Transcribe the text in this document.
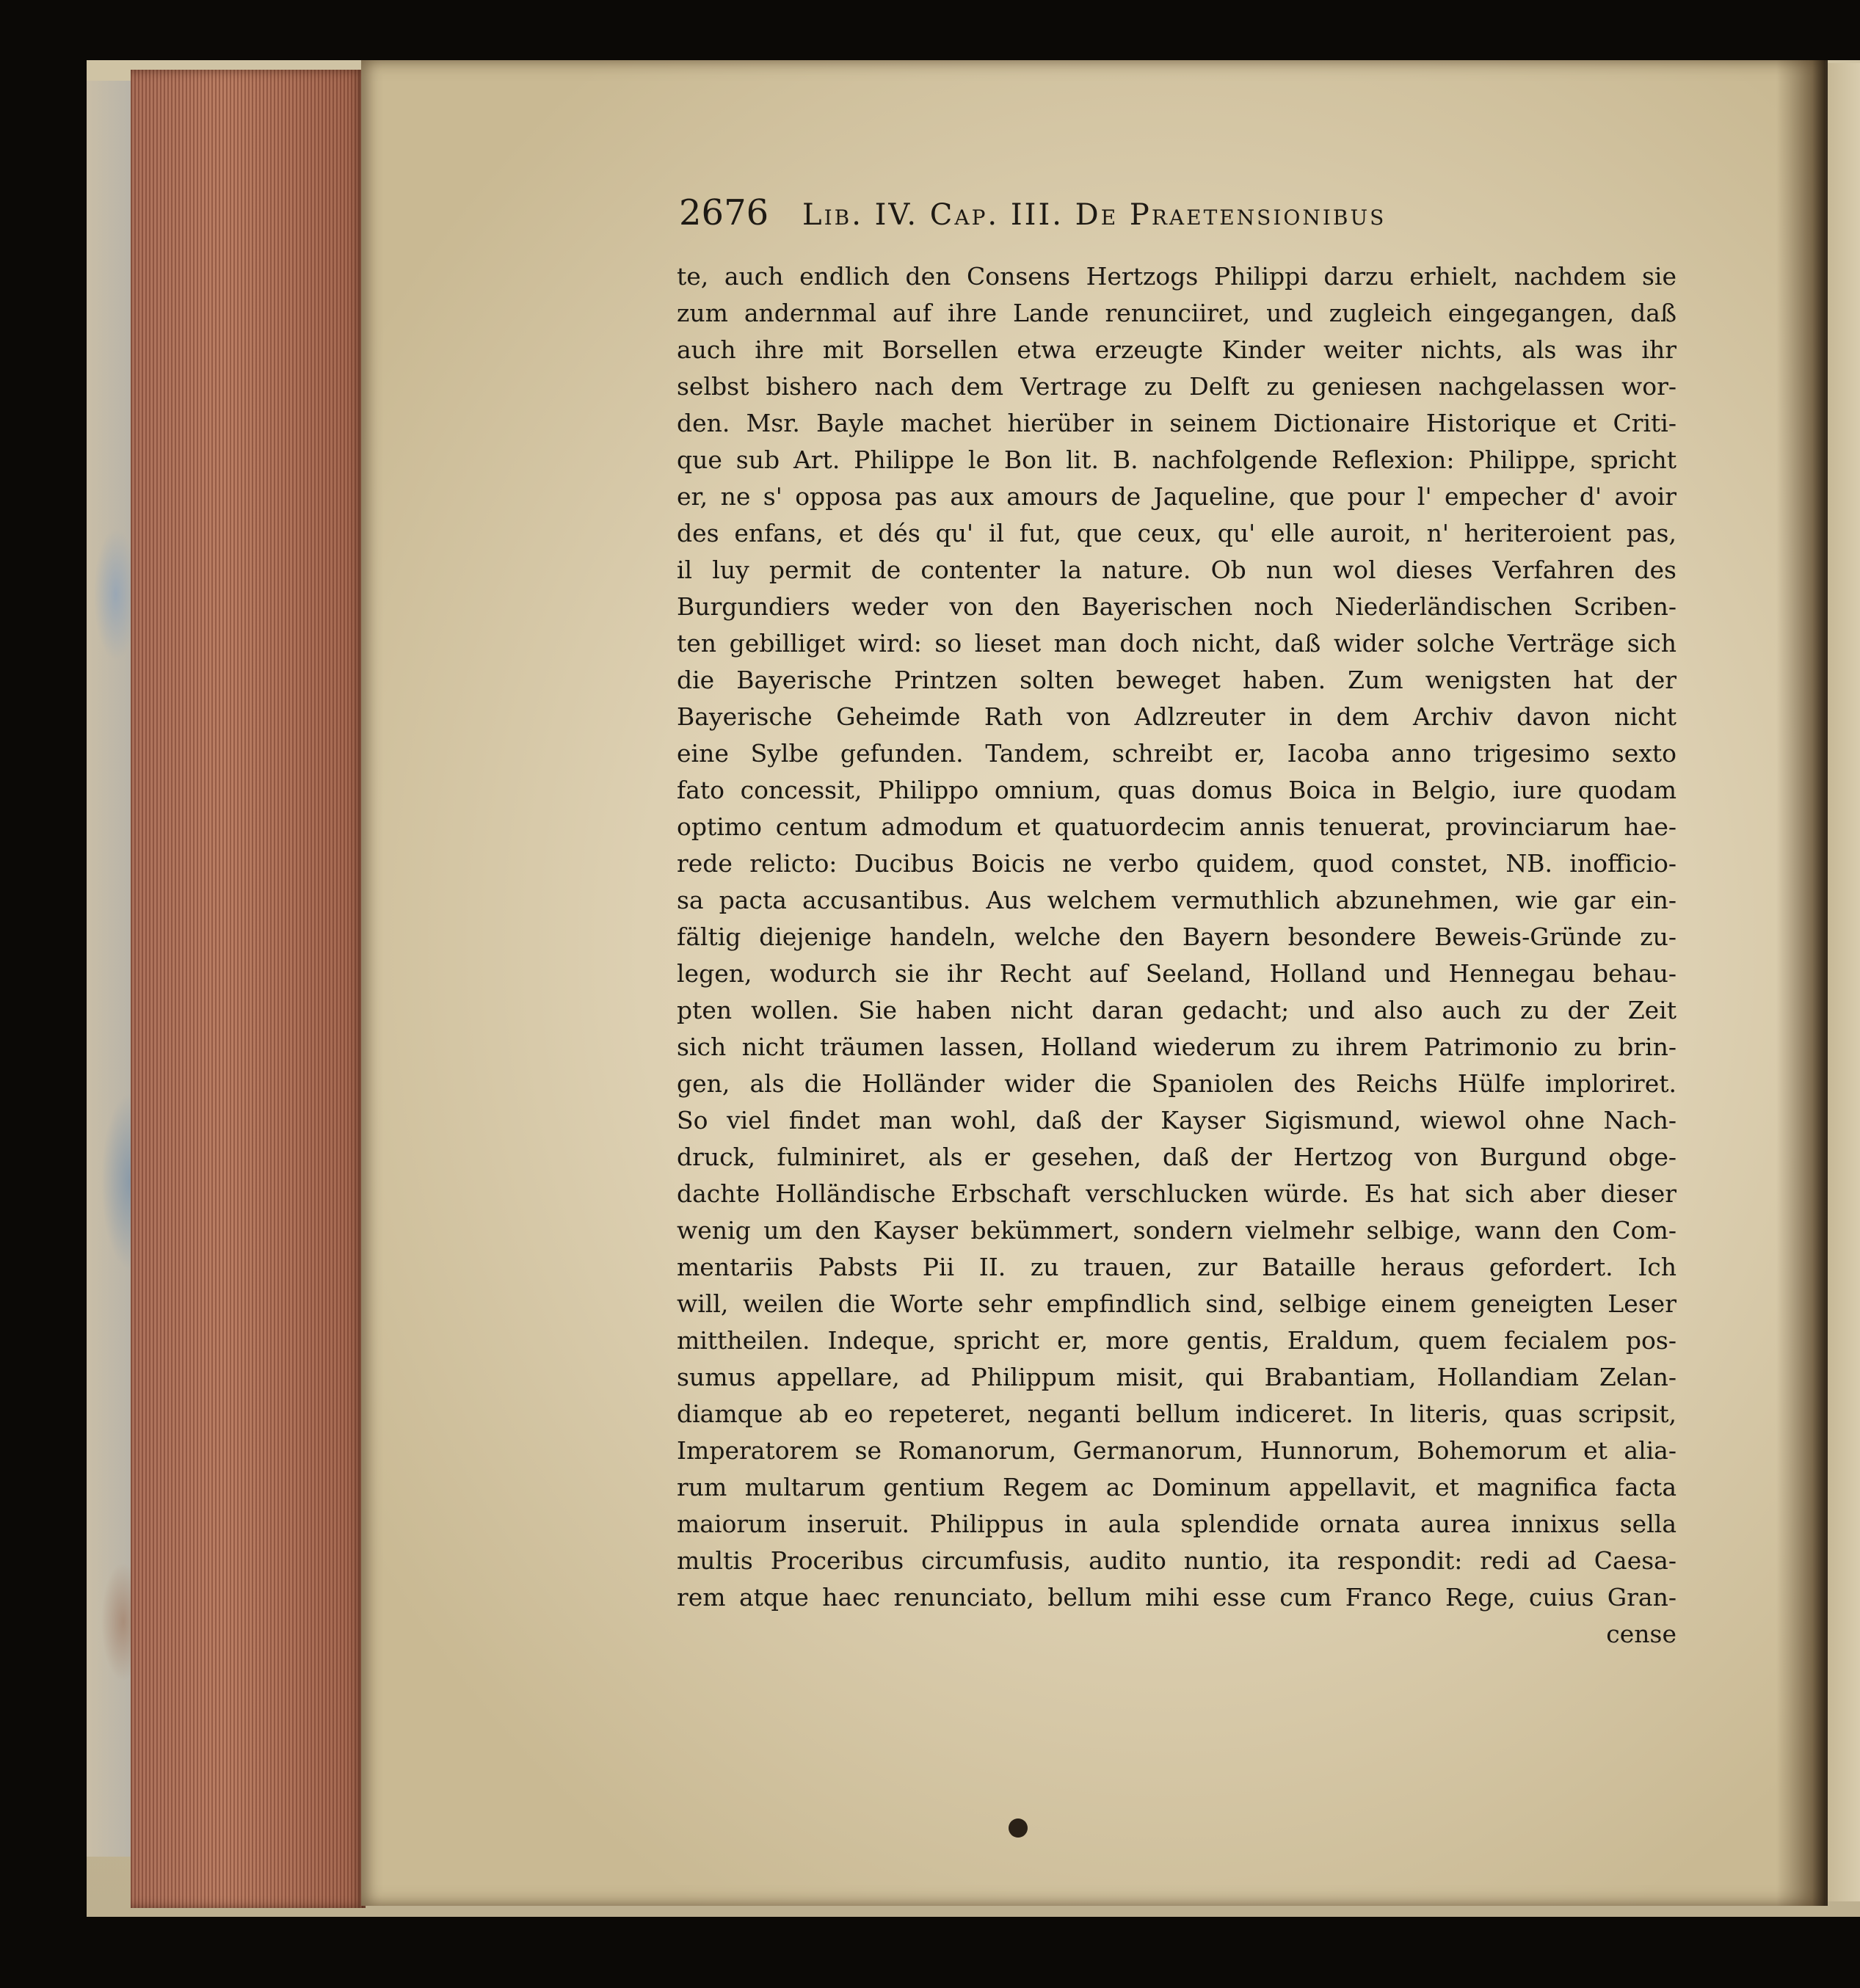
2676	Lib. IV. Cap. III. De Praetensionibus
te, auch endlich den Consens Hertzogs Philippi darzu erhielt, nachdem sie
zum andernmal auf ihre Lande renunciiret, und zugleich eingegangen, daß
auch ihre mit Borsellen etwa erzeugte Kinder weiter nichts, als was ihr
selbst bishero nach dem Vertrage zu Delft zu geniesen nachgelassen wor-
den. Msr. Bayle machet hierüber in seinem Dictionaire Historique et Criti-
que sub Art. Philippe le Bon lit. B. nachfolgende Reflexion: Philippe, spricht
er, ne s' opposa pas aux amours de Jaqueline, que pour l' empecher d' avoir
des enfans, et dés qu' il fut, que ceux, qu' elle auroit, n' heriteroient pas,
il luy permit de contenter la nature. Ob nun wol dieses Verfahren des
Burgundiers weder von den Bayerischen noch Niederländischen Scriben-
ten gebilliget wird: so lieset man doch nicht, daß wider solche Verträge sich
die Bayerische Printzen solten beweget haben. Zum wenigsten hat der
Bayerische Geheimde Rath von Adlzreuter in dem Archiv davon nicht
eine Sylbe gefunden. Tandem, schreibt er, Iacoba anno trigesimo sexto
fato concessit, Philippo omnium, quas domus Boica in Belgio, iure quodam
optimo centum admodum et quatuordecim annis tenuerat, provinciarum hae-
rede relicto: Ducibus Boicis ne verbo quidem, quod constet, NB. inofficio-
sa pacta accusantibus. Aus welchem vermuthlich abzunehmen, wie gar ein-
fältig diejenige handeln, welche den Bayern besondere Beweis-Gründe zu-
legen, wodurch sie ihr Recht auf Seeland, Holland und Hennegau behau-
pten wollen. Sie haben nicht daran gedacht; und also auch zu der Zeit
sich nicht träumen lassen, Holland wiederum zu ihrem Patrimonio zu brin-
gen, als die Holländer wider die Spaniolen des Reichs Hülfe imploriret.
So viel findet man wohl, daß der Kayser Sigismund, wiewol ohne Nach-
druck, fulminiret, als er gesehen, daß der Hertzog von Burgund obge-
dachte Holländische Erbschaft verschlucken würde. Es hat sich aber dieser
wenig um den Kayser bekümmert, sondern vielmehr selbige, wann den Com-
mentariis Pabsts Pii II. zu trauen, zur Bataille heraus gefordert. Ich
will, weilen die Worte sehr empfindlich sind, selbige einem geneigten Leser
mittheilen. Indeque, spricht er, more gentis, Eraldum, quem fecialem pos-
sumus appellare, ad Philippum misit, qui Brabantiam, Hollandiam Zelan-
diamque ab eo repeteret, neganti bellum indiceret. In literis, quas scripsit,
Imperatorem se Romanorum, Germanorum, Hunnorum, Bohemorum et alia-
rum multarum gentium Regem ac Dominum appellavit, et magnifica facta
maiorum inseruit. Philippus in aula splendide ornata aurea innixus sella
multis Proceribus circumfusis, audito nuntio, ita respondit: redi ad Caesa-
rem atque haec renunciato, bellum mihi esse cum Franco Rege, cuius Gran-
cense
